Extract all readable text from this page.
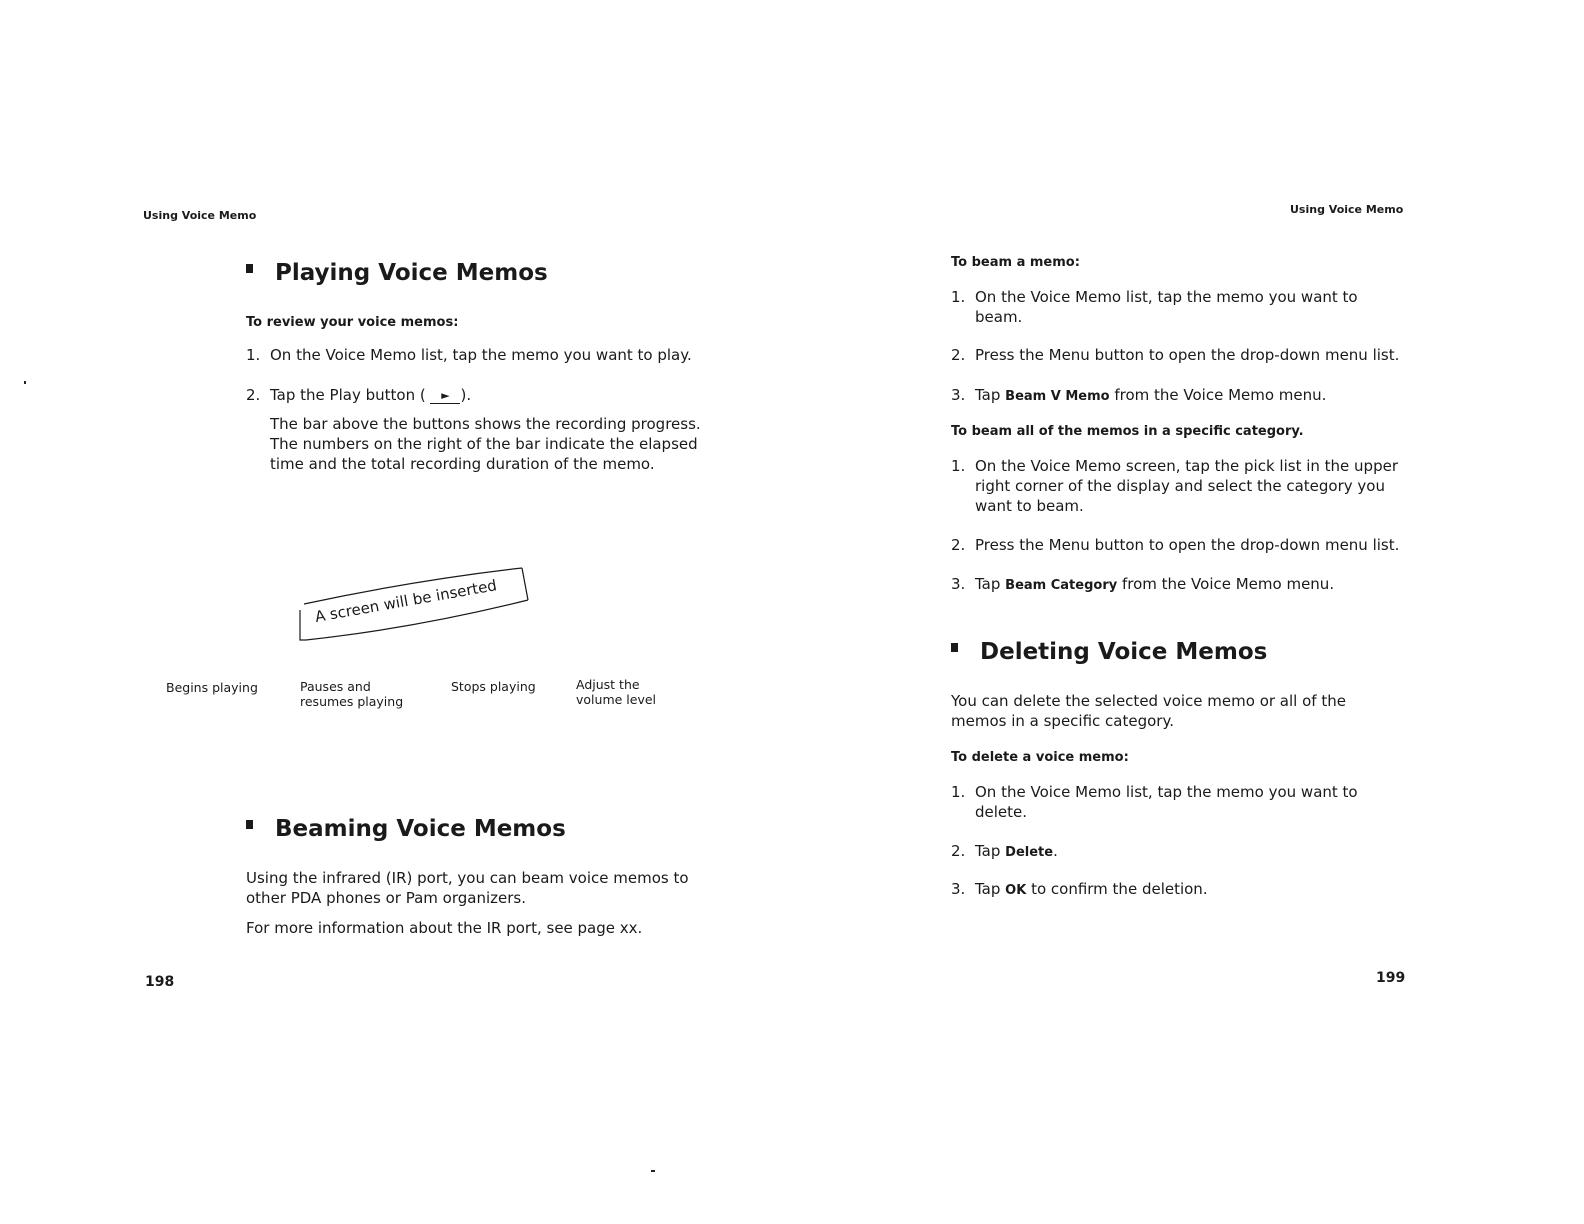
Using Voice Memo
Playing Voice Memos
To review your voice memos:
1. On the Voice Memo list, tap the memo you want to play.
2. Tap the Play button ( ► ).
The bar above the buttons shows the recording progress. The numbers on the right of the bar indicate the elapsed time and the total recording duration of the memo.
A screen will be inserted
Begins playing	Pauses and resumes playing
Stops playing	Adjust the volume level
Beaming Voice Memos
Using the infrared (IR) port, you can beam voice memos to other PDA phones or Pam organizers.
For more information about the IR port, see page xx.
198
Using Voice Memo
To beam a memo:
1. On the Voice Memo list, tap the memo you want to beam.
2. Press the Menu button to open the drop-down menu list.
3. Tap Beam V Memo from the Voice Memo menu.
To beam all of the memos in a specific category.
1. On the Voice Memo screen, tap the pick list in the upper right corner of the display and select the category you want to beam.
2. Press the Menu button to open the drop-down menu list.
3. Tap Beam Category from the Voice Memo menu.
Deleting Voice Memos
You can delete the selected voice memo or all of the memos in a specific category.
To delete a voice memo:
1. On the Voice Memo list, tap the memo you want to delete.
2. Tap Delete.
3. Tap OK to confirm the deletion.
199
